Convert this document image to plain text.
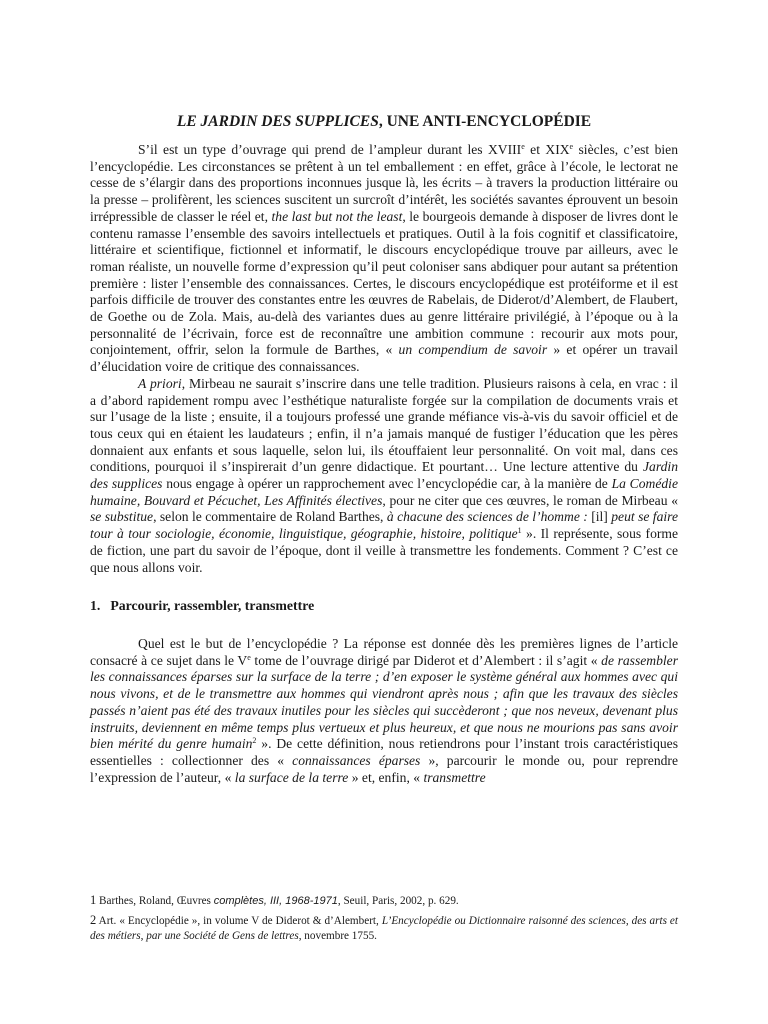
LE JARDIN DES SUPPLICES, UNE ANTI-ENCYCLOPÉDIE

S’il est un type d’ouvrage qui prend de l’ampleur durant les XVIIIe et XIXe siècles, c’est bien l’encyclopédie. Les circonstances se prêtent à un tel emballement : en effet, grâce à l’école, le lectorat ne cesse de s’élargir dans des proportions inconnues jusque là, les écrits – à travers la production littéraire ou la presse – prolifèrent, les sciences suscitent un surcroît d’intérêt, les sociétés savantes éprouvent un besoin irrépressible de classer le réel et, the last but not the least, le bourgeois demande à disposer de livres dont le contenu ramasse l’ensemble des savoirs intellectuels et pratiques. Outil à la fois cognitif et classificatoire, littéraire et scientifique, fictionnel et informatif, le discours encyclopédique trouve par ailleurs, avec le roman réaliste, un nouvelle forme d’expression qu’il peut coloniser sans abdiquer pour autant sa prétention première : lister l’ensemble des connaissances. Certes, le discours encyclopédique est protéiforme et il est parfois difficile de trouver des constantes entre les œuvres de Rabelais, de Diderot/d’Alembert, de Flaubert, de Goethe ou de Zola. Mais, au-delà des variantes dues au genre littéraire privilégié, à l’époque ou à la personnalité de l’écrivain, force est de reconnaître une ambition commune : recourir aux mots pour, conjointement, offrir, selon la formule de Barthes, « un compendium de savoir » et opérer un travail d’élucidation voire de critique des connaissances.

A priori, Mirbeau ne saurait s’inscrire dans une telle tradition. Plusieurs raisons à cela, en vrac : il a d’abord rapidement rompu avec l’esthétique naturaliste forgée sur la compilation de documents vrais et sur l’usage de la liste ; ensuite, il a toujours professé une grande méfiance vis-à-vis du savoir officiel et de tous ceux qui en étaient les laudateurs ; enfin, il n’a jamais manqué de fustiger l’éducation que les pères donnaient aux enfants et sous laquelle, selon lui, ils étouffaient leur personnalité. On voit mal, dans ces conditions, pourquoi il s’inspirerait d’un genre didactique. Et pourtant… Une lecture attentive du Jardin des supplices nous engage à opérer un rapprochement avec l’encyclopédie car, à la manière de La Comédie humaine, Bouvard et Pécuchet, Les Affinités électives, pour ne citer que ces œuvres, le roman de Mirbeau « se substitue, selon le commentaire de Roland Barthes, à chacune des sciences de l’homme : [il] peut se faire tour à tour sociologie, économie, linguistique, géographie, histoire, politique$^1$ ». Il représente, sous forme de fiction, une part du savoir de l’époque, dont il veille à transmettre les fondements. Comment ? C’est ce que nous allons voir.

1. Parcourir, rassembler, transmettre

Quel est le but de l’encyclopédie ? La réponse est donnée dès les premières lignes de l’article consacré à ce sujet dans le Ve tome de l’ouvrage dirigé par Diderot et d’Alembert : il s’agit « de rassembler les connaissances éparses sur la surface de la terre ; d’en exposer le système général aux hommes avec qui nous vivons, et de le transmettre aux hommes qui viendront après nous ; afin que les travaux des siècles passés n’aient pas été des travaux inutiles pour les siècles qui succèderont ; que nos neveux, devenant plus instruits, deviennent en même temps plus vertueux et plus heureux, et que nous ne mourions pas sans avoir bien mérité du genre humain$^2$ ». De cette définition, nous retiendrons pour l’instant trois caractéristiques essentielles : collectionner des « connaissances éparses », parcourir le monde ou, pour reprendre l’expression de l’auteur, « la surface de la terre » et, enfin, « transmettre

1 Barthes, Roland, Œuvres complètes, III, 1968-1971, Seuil, Paris, 2002, p. 629.
2 Art. « Encyclopédie », in volume V de Diderot & d’Alembert, L’Encyclopédie ou Dictionnaire raisonné des sciences, des arts et des métiers, par une Société de Gens de lettres, novembre 1755.
